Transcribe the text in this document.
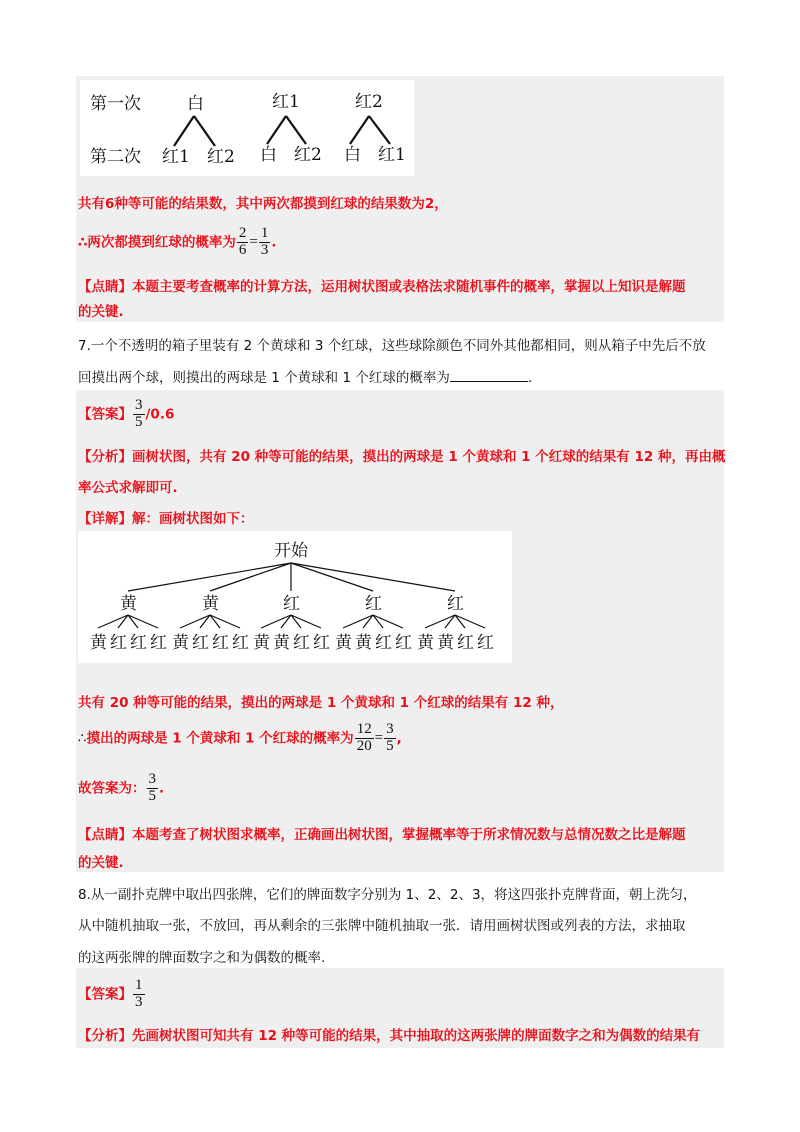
第一次
第二次
白	红1	红2
红1 红2 白 红2 白 红1
共有6种等可能的结果数，其中两次都摸到红球的结果数为2，
∴两次都摸到红球的概率为 $\frac{2}{6} = \frac{1}{3}$ .
【点睛】本题主要考查概率的计算方法，运用树状图或表格法求随机事件的概率，掌握以上知识是解题
的关键.
7.一个不透明的箱子里装有 2 个黄球和 3 个红球，这些球除颜色不同外其他都相同，则从箱子中先后不放
回摸出两个球，则摸出的两球是 1 个黄球和 1 个红球的概率为	.
【答案】 $\frac{3}{5} /0.6$
【分析】画树状图，共有 20 种等可能的结果，摸出的两球是 1 个黄球和 1 个红球的结果有 12 种，再由概
率公式求解即可.
【详解】解：画树状图如下：
开始
黄
黄 红 红 红
黄
黄 红 红 红
红
黄 黄 红 红
红
黄 黄 红 红
红
黄 黄 红 红
共有 20 种等可能的结果，摸出的两球是 1 个黄球和 1 个红球的结果有 12 种，
∴摸出的两球是 1 个黄球和 1 个红球的概率为 $\frac{12}{20} = \frac{3}{5}$ ,
故答案为： $\frac{3}{5}$ .
【点睛】本题考查了树状图求概率，正确画出树状图，掌握概率等于所求情况数与总情况数之比是解题
的关键.
8.从一副扑克牌中取出四张牌，它们的牌面数字分别为 1、2、2、3，将这四张扑克牌背面，朝上洗匀，
从中随机抽取一张，不放回，再从剩余的三张牌中随机抽取一张．请用画树状图或列表的方法，求抽取
的这两张牌的牌面数字之和为偶数的概率.
【答案】 $\frac{1}{3}$
【分析】先画树状图可知共有 12 种等可能的结果，其中抽取的这两张牌的牌面数字之和为偶数的结果有
